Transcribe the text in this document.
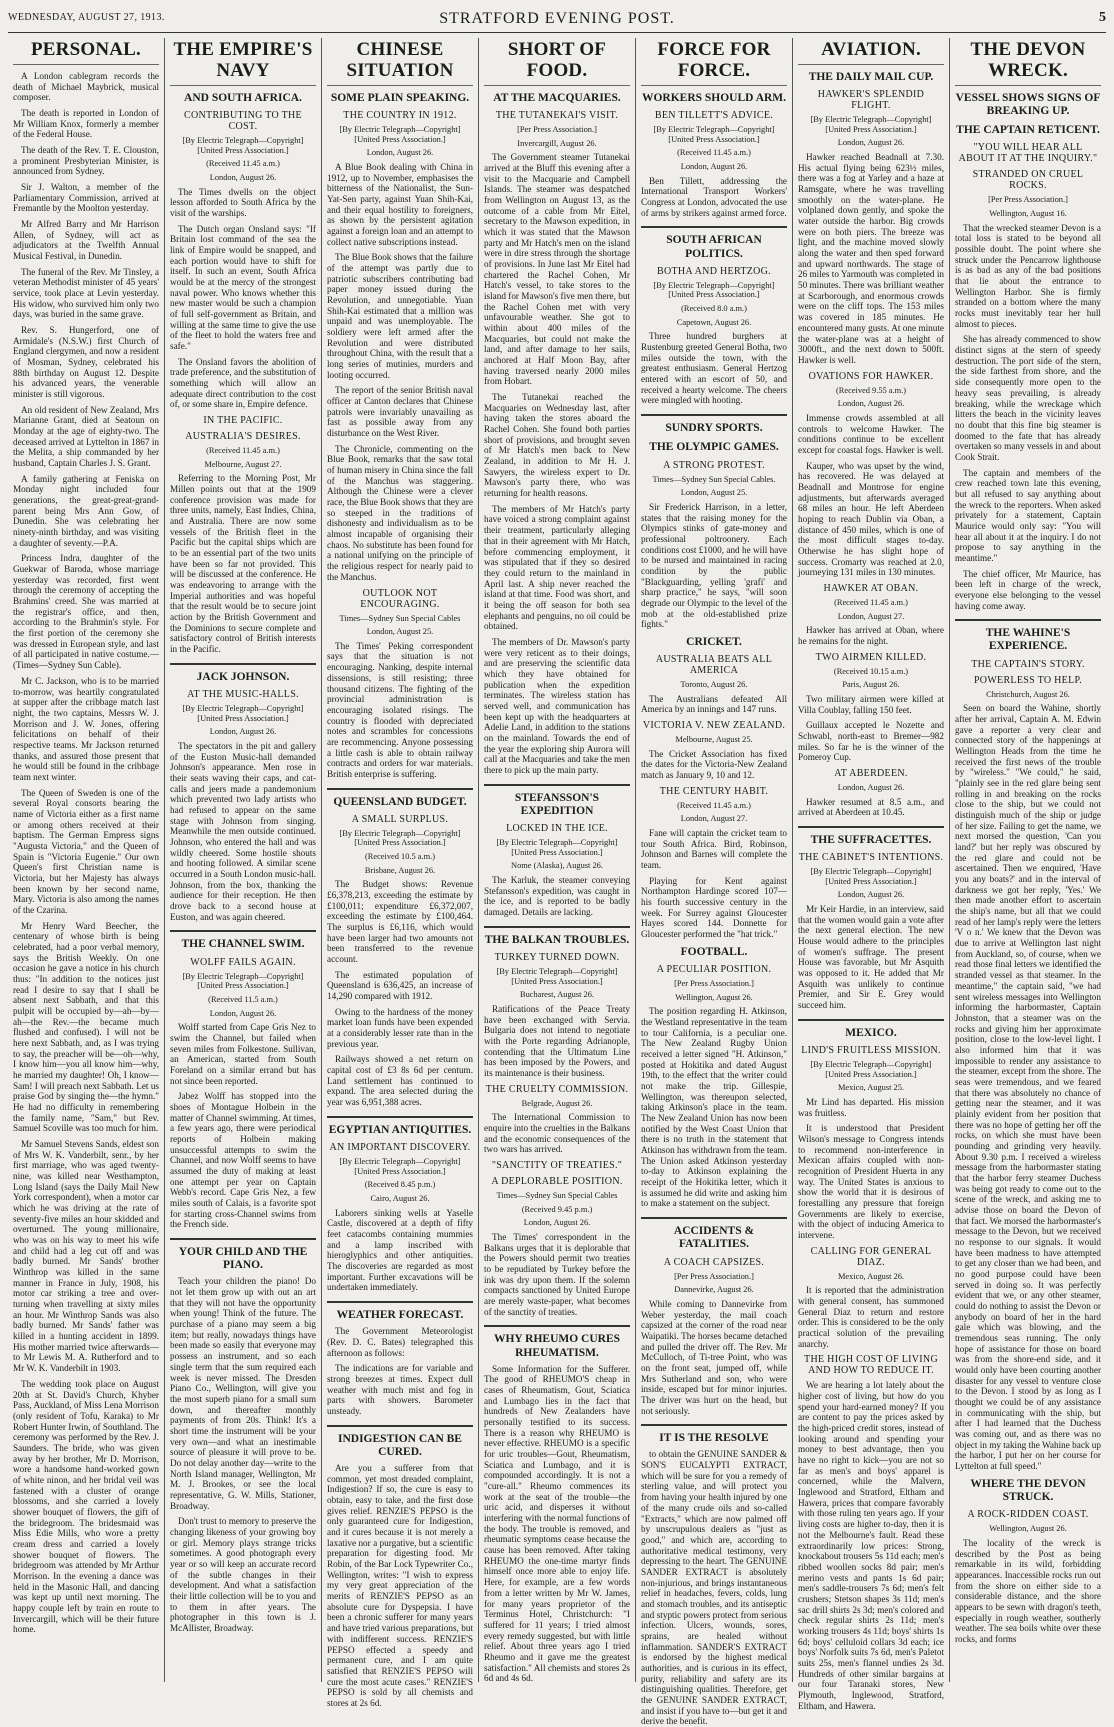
WEDNESDAY, AUGUST 27, 1913.	STRATFORD EVENING POST.	5
PERSONAL.

A London cablegram records the death of Michael Maybrick, musical composer.

The death is reported in London of Mr William Knox, formerly a member of the Federal House.

The death of the Rev. T. E. Clouston, a prominent Presbyterian Minister, is announced from Sydney.

Sir J. Walton, a member of the Parliamentary Commission, arrived at Fremantle by the Moolton yesterday.

Mr Alfred Barry and Mr Harrison Allen, of Sydney, will act as adjudicators at the Twelfth Annual Musical Festival, in Dunedin.

The funeral of the Rev. Mr Tinsley, a veteran Methodist minister of 45 years' service, took place at Levin yesterday. His widow, who survived him only two days, was buried in the same grave.

Rev. S. Hungerford, one of Armidale's (N.S.W.) first Church of England clergymen, and now a resident of Mosman, Sydney, celebrated his 88th birthday on August 12. Despite his advanced years, the venerable minister is still vigorous.

An old resident of New Zealand, Mrs Marianne Grant, died at Seatoun on Monday at the age of eighty-two. The deceased arrived at Lyttelton in 1867 in the Melita, a ship commanded by her husband, Captain Charles J. S. Grant.

A family gathering at Feniska on Monday night included four generations, the great-great-grand-parent being Mrs Ann Gow, of Dunedin. She was celebrating her ninety-ninth birthday, and was visiting a daughter of seventy.—P.A.

Princess Indra, daughter of the Guekwar of Baroda, whose marriage yesterday was recorded, first went through the ceremony of accepting the Brahmins' creed. She was married at the registrar's office, and then, according to the Brahmin's style. For the first portion of the ceremony she was dressed in European style, and last of all participated in native costume.—(Times—Sydney Sun Cable).

Mr C. Jackson, who is to be married to-morrow, was heartily congratulated at supper after the cribbage match last night, the two captains, Messrs W. J. Morrison and J. W. Jones, offering felicitations on behalf of their respective teams. Mr Jackson returned thanks, and assured those present that he would still be found in the cribbage team next winter.

The Queen of Sweden is one of the several Royal consorts bearing the name of Victoria either as a first name or among others received at their baptism. The German Empress signs "Augusta Victoria," and the Queen of Spain is "Victoria Eugenie." Our own Queen's first Christian name is Victoria, but her Majesty has always been known by her second name, Mary. Victoria is also among the names of the Czarina.

Mr Henry Ward Beecher, the centenary of whose birth is being celebrated, had a poor verbal memory, says the British Weekly. On one occasion he gave a notice in his church thus: "In addition to the notices just read I desire to say that I shall be absent next Sabbath, and that this pulpit will be occupied by—ah—by—ah—the Rev.—the became much flushed and confused). I will not be here next Sabbath, and, as I was trying to say, the preacher will be—oh—why, I know him—you all know him—why, he married my daughter! Oh, I know—Sam! I will preach next Sabbath. Let us praise God by singing the—the hymn." He had no difficulty in remembering the family name, "Sam," but Rev. Samuel Scoville was too much for him.

Mr Samuel Stevens Sands, eldest son of Mrs W. K. Vanderbilt, senr., by her first marriage, who was aged twenty-nine, was killed near Westhampton, Long Island (says the Daily Mail New York correspondent), when a motor car which he was driving at the rate of seventy-five miles an hour skidded and overturned. The young millionaire, who was on his way to meet his wife and child had a leg cut off and was badly burned. Mr Sands' brother Winthrop was killed in the same manner in France in July, 1908, his motor car striking a tree and over-turning when travelling at sixty miles an hour. Mr Winthrop Sands was also badly burned. Mr Sands' father was killed in a hunting accident in 1899. His mother married twice afterwards—to Mr Lewis M. A. Rutherford and to Mr W. K. Vanderbilt in 1903.

The wedding took place on August 20th at St. David's Church, Khyber Pass, Auckland, of Miss Lena Morrison (only resident of Tofu, Karaka) to Mr Robert Hunter Irwin, of Southland. The ceremony was performed by the Rev. J. Saunders. The bride, who was given away by her brother, Mr D. Morrison, wore a handsome hand-worked gown of white ninon, and her bridal veil was fastened with a cluster of orange blossoms, and she carried a lovely shower bouquet of flowers, the gift of the bridegroom. The bridesmaid was Miss Edie Mills, who wore a pretty cream dress and carried a lovely shower bouquet of flowers. The bridegroom was attended by Mr Arthur Morrison. In the evening a dance was held in the Masonic Hall, and dancing was kept up until next morning. The happy couple left by train en route to Invercargill, which will be their future home.

THE EMPIRE'S NAVY
AND SOUTH AFRICA.
CONTRIBUTING TO THE COST.
[By Electric Telegraph—Copyright] [United Press Association.]
(Received 11.45 a.m.)
London, August 26.

The Times dwells on the object lesson afforded to South Africa by the visit of the warships.

The Dutch organ Onsland says: "If Britain lost command of the sea the link of Empire would be snapped, and each portion would have to shift for itself. In such an event, South Africa would be at the mercy of the strongest naval power. Who knows whether this new master would be such a champion of full self-government as Britain, and willing at the same time to give the use of the fleet to hold the waters free and safe."

The Onsland favors the abolition of trade preference, and the substitution of something which will allow an adequate direct contribution to the cost of, or some share in, Empire defence.

IN THE PACIFIC.
AUSTRALIA'S DESIRES.
(Received 11.45 a.m.)
Melbourne, August 27.

Referring to the Morning Post, Mr Millen points out that at the 1909 conference provision was made for three units, namely, East Indies, China, and Australia. There are now some vessels of the British fleet in the Pacific but the capital ships which are to be an essential part of the two units have been so far not provided. This will be discussed at the conference. He was endeavoring to arrange with the Imperial authorities and was hopeful that the result would be to secure joint action by the British Government and the Dominions to secure complete and satisfactory control of British interests in the Pacific.

JACK JOHNSON.
AT THE MUSIC-HALLS.
[By Electric Telegraph—Copyright] [United Press Association.]
London, August 26.

The spectators in the pit and gallery of the Euston Music-hall demanded Johnson's appearance. Men rose in their seats waving their caps, and cat-calls and jeers made a pandemonium which prevented two lady artists who had refused to appear on the same stage with Johnson from singing. Meanwhile the men outside continued. Johnson, who entered the hall and was wildly cheered. Some hostile shouts and hooting followed. A similar scene occurred in a South London music-hall. Johnson, from the box, thanking the audience for their reception. He then drove back to a second house at Euston, and was again cheered.

THE CHANNEL SWIM.
WOLFF FAILS AGAIN.
[By Electric Telegraph—Copyright] [United Press Association.]
(Received 11.5 a.m.)
London, August 26.

Wolff started from Cape Gris Nez to swim the Channel, but failed when seven miles from Folkestone. Sullivan, an American, started from South Foreland on a similar errand but has not since been reported.

Jabez Wolff has stopped into the shoes of Montague Holbein in the matter of Channel swimming. At times, a few years ago, there were periodical reports of Holbein making unsuccessful attempts to swim the Channel, and now Wolff seems to have assumed the duty of making at least one attempt per year on Captain Webb's record. Cape Gris Nez, a few miles south of Calais, is a favorite spot for starting cross-Channel swims from the French side.

YOUR CHILD AND THE PIANO.

Teach your children the piano! Do not let them grow up with out an art that they will not have the opportunity when young! Think of the future. The purchase of a piano may seem a big item; but really, nowadays things have been made so easily that everyone may possess an instrument, and so each single term that the sum required each week is never missed. The Dresden Piano Co., Wellington, will give you the most superb piano for a small sum down, and thereafter monthly payments of from 20s. Think! It's a short time the instrument will be your very own—and what an inestimable source of pleasure it will prove to be. Do not delay another day—write to the North Island manager, Wellington, Mr M. J. Brookes, or see the local representative, G. W. Mills, Stationer, Broadway.

Don't trust to memory to preserve the changing likeness of your growing boy or girl. Memory plays strange tricks sometimes. A good photograph every year or so will keep an accurate record of the subtle changes in their development. And what a satisfaction their little collection will be to you and to them in after years. The photographer in this town is J. McAllister, Broadway.

CHINESE SITUATION
SOME PLAIN SPEAKING.
THE COUNTRY IN 1912.
[By Electric Telegraph—Copyright] [United Press Association.]
London, August 26.

A Blue Book dealing with China in 1912, up to November, emphasises the bitterness of the Nationalist, the Sun-Yat-Sen party, against Yuan Shih-Kai, and their equal hostility to foreigners, as shown by the persistent agitation against a foreign loan and an attempt to collect native subscriptions instead.

The Blue Book shows that the failure of the attempt was partly due to patriotic subscribers contributing bad paper money issued during the Revolution, and unnegotiable. Yuan Shih-Kai estimated that a million was unpaid and was unemployable. The soldiery were left armed after the Revolution and were distributed throughout China, with the result that a long series of mutinies, murders and looting occurred.

The report of the senior British naval officer at Canton declares that Chinese patrols were invariably unavailing as fast as possible away from any disturbance on the West River.

The Chronicle, commenting on the Blue Book, remarks that the saw total of human misery in China since the fall of the Manchus was staggering. Although the Chinese were a clever race, the Blue Book shows that they are so steeped in the traditions of dishonesty and individualism as to be almost incapable of organising their chaos. No substitute has been found for a national unifying on the principle of the religious respect for nearly paid to the Manchus.

OUTLOOK NOT ENCOURAGING.
Times—Sydney Sun Special Cables
London, August 25.

The Times' Peking correspondent says that the situation is not encouraging. Nanking, despite internal dissensions, is still resisting; three thousand citizens. The fighting of the provincial administration is encouraging isolated risings. The country is flooded with depreciated notes and scrambles for concessions are recommencing. Anyone possessing a little cash is able to obtain railway contracts and orders for war materials. British enterprise is suffering.

QUEENSLAND BUDGET.
A SMALL SURPLUS.
[By Electric Telegraph—Copyright] [United Press Association.]
(Received 10.5 a.m.)
Brisbane, August 26.

The Budget shows: Revenue £6,378,213, exceeding the estimate by £100,011; expenditure £6,372,007, exceeding the estimate by £100,464. The surplus is £6,116, which would have been larger had two amounts not been transferred to the revenue account.

The estimated population of Queensland is 636,425, an increase of 14,290 compared with 1912.

Owing to the hardness of the money market loan funds have been expended at a considerably lesser rate than in the previous year.

Railways showed a net return on capital cost of £3 8s 6d per centum. Land settlement has continued to expand. The area selected during the year was 6,951,388 acres.

EGYPTIAN ANTIQUITIES.
AN IMPORTANT DISCOVERY.
[By Electric Telegraph—Copyright] [United Press Association.]
(Received 8.45 p.m.)
Cairo, August 26.

Laborers sinking wells at Yaselle Castle, discovered at a depth of fifty feet catacombs containing mummies and a lamp inscribed with hieroglyphics and other antiquities. The discoveries are regarded as most important. Further excavations will be undertaken immediately.

WEATHER FORECAST.

The Government Meteorologist (Rev. D. C. Bates) telegraphed this afternoon as follows:

The indications are for variable and strong breezes at times. Expect dull weather with much mist and fog in parts with showers. Barometer unsteady.

INDIGESTION CAN BE CURED.

Are you a sufferer from that common, yet most dreaded complaint, Indigestion? If so, the cure is easy to obtain, easy to take, and the first dose gives relief. RENZIE'S PEPSO is the only guaranteed cure for Indigestion, and it cures because it is not merely a laxative nor a purgative, but a scientific preparation for digesting food. Mr Robin, of the Bar Lock Typewriter Co., Wellington, writes: "I wish to express my very great appreciation of the merits of RENZIE'S PEPSO as an absolute cure for Dyspepsia. I have been a chronic sufferer for many years and have tried various preparations, but with indifferent success. RENZIE'S PEPSO effected a speedy and permanent cure, and I am quite satisfied that RENZIE'S PEPSO will cure the most acute cases." RENZIE'S PEPSO is sold by all chemists and stores at 2s 6d.

SHORT OF FOOD.
AT THE MACQUARIES.
THE TUTANEKAI'S VISIT.
[Per Press Association.]
Invercargill, August 26.

The Government steamer Tutanekai arrived at the Bluff this evening after a visit to the Macquarie and Campbell Islands. The steamer was despatched from Wellington on August 13, as the outcome of a cable from Mr Eitel, secretary to the Mawson expedition, in which it was stated that the Mawson party and Mr Hatch's men on the island were in dire stress through the shortage of provisions. In June last Mr Eitel had chartered the Rachel Cohen, Mr Hatch's vessel, to take stores to the island for Mawson's five men there, but the Rachel Cohen met with very unfavourable weather. She got to within about 400 miles of the Macquaries, but could not make the land, and after damage to her sails, anchored at Half Moon Bay, after having traversed nearly 2000 miles from Hobart.

The Tutanekai reached the Macquaries on Wednesday last, after having taken the stores aboard the Rachel Cohen. She found both parties short of provisions, and brought seven of Mr Hatch's men back to New Zealand, in addition to Mr H. J. Sawyers, the wireless expert to Dr. Mawson's party there, who was returning for health reasons.

The members of Mr Hatch's party have voiced a strong complaint against their treatment, particularly alleging that in their agreement with Mr Hatch, before commencing employment, it was stipulated that if they so desired they could return to the mainland in April last. A ship never reached the island at that time. Food was short, and it being the off season for both sea elephants and penguins, no oil could be obtained.

The members of Dr. Mawson's party were very reticent as to their doings, and are preserving the scientific data which they have obtained for publication when the expedition terminates. The wireless station has served well, and communication has been kept up with the headquarters at Adelie Land, in addition to the stations on the mainland. Towards the end of the year the exploring ship Aurora will call at the Macquaries and take the men there to pick up the main party.

STEFANSSON'S EXPEDITION
LOCKED IN THE ICE.
[By Electric Telegraph—Copyright] [United Press Association.]
Nome (Alaska), August 26.

The Karluk, the steamer conveying Stefansson's expedition, was caught in the ice, and is reported to be badly damaged. Details are lacking.

THE BALKAN TROUBLES.
TURKEY TURNED DOWN.
[By Electric Telegraph—Copyright] [United Press Association.]
Bucharest, August 26.

Ratifications of the Peace Treaty have been exchanged with Servia. Bulgaria does not intend to negotiate with the Porte regarding Adrianople, contending that the Ultimatum Line has been imposed by the Powers, and its maintenance is their business.

THE CRUELTY COMMISSION.
Belgrade, August 26.

The International Commission to enquire into the cruelties in the Balkans and the economic consequences of the two wars has arrived.

"SANCTITY OF TREATIES."
A DEPLORABLE POSITION.
Times—Sydney Sun Special Cables
(Received 9.45 p.m.)
London, August 26.

The Times' correspondent in the Balkans urges that it is deplorable that the Powers should permit two treaties to be repudiated by Turkey before the ink was dry upon them. If the solemn compacts sanctioned by United Europe are merely waste-paper, what becomes of the sanctity of treaties.

WHY RHEUMO CURES RHEUMATISM.

Some Information for the Sufferer. The good of RHEUMO'S cheap in cases of Rheumatism, Gout, Sciatica and Lumbago lies in the fact that hundreds of New Zealanders have personally testified to its success. There is a reason why RHEUMO is never effective. RHEUMO is a specific for uric troubles—Gout, Rheumatism, Sciatica and Lumbago, and it is compounded accordingly. It is not a "cure-all." Rheumo commences its work at the seat of the trouble—the uric acid, and disperses it without interfering with the normal functions of the body. The trouble is removed, and rheumatic symptoms cease because the cause has been removed. After taking RHEUMO the one-time martyr finds himself once more able to enjoy life. Here, for example, are a few words from a letter written by Mr W. James, for many years proprietor of the Terminus Hotel, Christchurch: "I suffered for 11 years; I tried almost every remedy suggested, but with little relief. About three years ago I tried Rheumo and it gave me the greatest satisfaction." All chemists and stores 2s 6d and 4s 6d.

FORCE FOR FORCE.
WORKERS SHOULD ARM.
BEN TILLETT'S ADVICE.
[By Electric Telegraph—Copyright] [United Press Association.]
(Received 11.45 a.m.)
London, August 26.

Ben Tillett, addressing the International Transport Workers' Congress at London, advocated the use of arms by strikers against armed force.

SOUTH AFRICAN POLITICS.
BOTHA AND HERTZOG.
[By Electric Telegraph—Copyright] [United Press Association.]
(Received 8.0 a.m.)
Capetown, August 26.

Three hundred burghers at Rustenburg greeted General Botha, two miles outside the town, with the greatest enthusiasm. General Hertzog entered with an escort of 50, and received a hearty welcome. The cheers were mingled with hooting.

SUNDRY SPORTS.
THE OLYMPIC GAMES.
A STRONG PROTEST.
Times—Sydney Sun Special Cables.
London, August 25.

Sir Frederick Harrison, in a letter, states that the raising money for the Olympics stinks of gate-money and professional poltroonery. Each conditions cost £1000, and he will have to be nursed and maintained in racing condition by the public "Blackguarding, yelling 'grafi' and sharp practice," he says, "will soon degrade our Olympic to the level of the mob at the old-established prize fights."

CRICKET.
AUSTRALIA BEATS ALL AMERICA
Toronto, August 26.

The Australians defeated All America by an innings and 147 runs.

VICTORIA V. NEW ZEALAND.
Melbourne, August 25.

The Cricket Association has fixed the dates for the Victoria-New Zealand match as January 9, 10 and 12.

THE CENTURY HABIT.
(Received 11.45 a.m.)
London, August 27.

Fane will captain the cricket team to tour South Africa. Bird, Robinson, Johnson and Barnes will complete the team.

Playing for Kent against Northampton Hardinge scored 107—his fourth successive century in the week. For Surrey against Gloucester Hayes scored 144. Donnette for Gloucester performed the "hat trick."

FOOTBALL.
A PECULIAR POSITION.
[Per Press Association.]
Wellington, August 26.

The position regarding H. Atkinson, the Westland representative in the team to tour California, is a peculiar one. The New Zealand Rugby Union received a letter signed "H. Atkinson," posted at Hokitika and dated August 19th, to the effect that the writer could not make the trip. Gillespie, Wellington, was thereupon selected, taking Atkinson's place in the team. The New Zealand Union has now been notified by the West Coast Union that there is no truth in the statement that Atkinson has withdrawn from the team. The Union asked Atkinson yesterday to-day to Atkinson explaining the receipt of the Hokitika letter, which it is assumed he did write and asking him to make a statement on the subject.

ACCIDENTS & FATALITIES.
A COACH CAPSIZES.
[Per Press Association.]
Dannevirke, August 26.

While coming to Dannevirke from Weber yesterday, the mail coach capsized at the corner of the road near Waipatiki. The horses became detached and pulled the driver off. The Rev. Mr McCulloch, of Ti-tree Point, who was on the front seat, jumped off, while Mrs Sutherland and son, who were inside, escaped but for minor injuries. The driver was hurt on the head, but not seriously.

IT IS THE RESOLVE

to obtain the GENUINE SANDER & SON'S EUCALYPTI EXTRACT, which will be sure for you a remedy of sterling value, and will protect you from having your health injured by one of the many crude oils and so-called "Extracts," which are now palmed off by unscrupulous dealers as "just as good," and which are, according to authoritative medical testimony, very depressing to the heart. The GENUINE SANDER EXTRACT is absolutely non-injurious, and brings instantaneous relief in headaches, fevers, colds, lung and stomach troubles, and its antiseptic and styptic powers protect from serious infection. Ulcers, wounds, sores, sprains, are healed without inflammation. SANDER'S EXTRACT is endorsed by the highest medical authorities, and is curious in its effect, purity, reliability and safety are its distinguishing qualities. Therefore, get the GENUINE SANDER EXTRACT, and insist if you have to—but get it and derive the benefit.

AVIATION.
THE DAILY MAIL CUP.
HAWKER'S SPLENDID FLIGHT.
[By Electric Telegraph—Copyright] [United Press Association.]
London, August 26.

Hawker reached Beadnall at 7.30. His actual flying being 623½ miles, there was a fog at Yarley and a haze at Ramsgate, where he was travelling smoothly on the water-plane. He volplaned down gently, and spoke the water outside the harbor. Big crowds were on both piers. The breeze was light, and the machine moved slowly along the water and then sped forward and upward northwards. The stage of 26 miles to Yarmouth was completed in 50 minutes. There was brilliant weather at Scarborough, and enormous crowds were on the cliff tops. The 153 miles was covered in 185 minutes. He encountered many gusts. At one minute the water-plane was at a height of 3000ft., and the next down to 500ft. Hawker is well.

OVATIONS FOR HAWKER.
(Received 9.55 a.m.)
London, August 26.

Immense crowds assembled at all controls to welcome Hawker. The conditions continue to be excellent except for coastal fogs. Hawker is well.

Kauper, who was upset by the wind, has recovered. He was delayed at Beadnall and Montrose for engine adjustments, but afterwards averaged 68 miles an hour. He left Aberdeen hoping to reach Dublin via Oban, a distance of 450 miles, which is one of the most difficult stages to-day. Otherwise he has slight hope of success. Cromarty was reached at 2.0, journeying 131 miles in 130 minutes.

HAWKER AT OBAN.
(Received 11.45 a.m.)
London, August 27.

Hawker has arrived at Oban, where he remains for the night.

TWO AIRMEN KILLED.
(Received 10.15 a.m.)
Paris, August 26.

Two military airmen were killed at Villa Coublay, falling 150 feet.

Guillaux accepted le Nozette and Schwabl, north-east to Bremer—982 miles. So far he is the winner of the Pomeroy Cup.

AT ABERDEEN.
London, August 26.

Hawker resumed at 8.5 a.m., and arrived at Aberdeen at 10.45.

THE SUFFRACETTES.
THE CABINET'S INTENTIONS.
[By Electric Telegraph—Copyright] [United Press Association.]
London, August 26.

Mr Keir Hardie, in an interview, said that the women would gain a vote after the next general election. The new House would adhere to the principles of women's suffrage. The present House was favorable, but Mr Asquith was opposed to it. He added that Mr Asquith was unlikely to continue Premier, and Sir E. Grey would succeed him.

MEXICO.
LIND'S FRUITLESS MISSION.
[By Electric Telegraph—Copyright] [United Press Association.]
Mexico, August 25.

Mr Lind has departed. His mission was fruitless.

It is understood that President Wilson's message to Congress intends to recommend non-interference in Mexican affairs coupled with non-recognition of President Huerta in any way. The United States is anxious to show the world that it is desirous of forestalling any pressure that foreign Governments are likely to exercise, with the object of inducing America to intervene.

CALLING FOR GENERAL DIAZ.
Mexico, August 26.

It is reported that the administration with general consent, has summoned General Diaz to return and restore order. This is considered to be the only practical solution of the prevailing anarchy.

THE HIGH COST OF LIVING AND HOW TO REDUCE IT.

We are hearing a lot lately about the higher cost of living, but how do you spend your hard-earned money? If you are content to pay the prices asked by the high-priced credit stores, instead of looking around and spending your money to best advantage, then you have no right to kick—you are not so far as men's and boys' apparel is concerned, while the Malvern, Inglewood and Stratford, Eltham and Hawera, prices that compare favorably with those ruling ten years ago. If your living costs are higher to-day, then it is not the Melbourne's fault. Read these extraordinarily low prices: Strong, knockabout trousers 5s 11d each; men's ribbed woollen socks 8d pair; men's merino vests and pants 1s 6d pair; men's saddle-trousers 7s 6d; men's felt crushers; Stetson shapes 3s 11d; men's sac drill shirts 2s 3d; men's colored and check regular shirts 2s 11d; men's working trousers 4s 11d; boys' shirts 1s 6d; boys' celluloid collars 3d each; ice boys' Norfolk suits 7s 6d, men's Paletot suits 25s, men's flannel undies 2s 3d. Hundreds of other similar bargains at our four Taranaki stores, New Plymouth, Inglewood, Stratford, Eltham, and Hawera.

THE DEVON WRECK.
VESSEL SHOWS SIGNS OF BREAKING UP.
THE CAPTAIN RETICENT.
"YOU WILL HEAR ALL ABOUT IT AT THE INQUIRY."
STRANDED ON CRUEL ROCKS.
[Per Press Association.]
Wellington, August 16.

That the wrecked steamer Devon is a total loss is stated to be beyond all possible doubt. The point where she struck under the Pencarrow lighthouse is as bad as any of the bad positions that lie about the entrance to Wellington Harbor. She is firmly stranded on a bottom where the many rocks must inevitably tear her hull almost to pieces.

She has already commenced to show distinct signs at the stern of speedy destruction. The port side of the stern, the side farthest from shore, and the side consequently more open to the heavy seas prevailing, is already breaking, while the wreckage which litters the beach in the vicinity leaves no doubt that this fine big steamer is doomed to the fate that has already overtaken so many vessels in and about Cook Strait.

The captain and members of the crew reached town late this evening, but all refused to say anything about the wreck to the reporters. When asked privately for a statement, Captain Maurice would only say: "You will hear all about it at the inquiry. I do not propose to say anything in the meantime."

The chief officer, Mr Maurice, has been left in charge of the wreck, everyone else belonging to the vessel having come away.

THE WAHINE'S EXPERIENCE.
THE CAPTAIN'S STORY.
POWERLESS TO HELP.
Christchurch, August 26.

Seen on board the Wahine, shortly after her arrival, Captain A. M. Edwin gave a reporter a very clear and connected story of the happenings at Wellington Heads from the time he received the first news of the trouble by "wireless." "We could," he said, "plainly see in the red glare being sent rolling in and breaking on the rocks close to the ship, but we could not distinguish much of the ship or judge of her size. Failing to get the name, we next morsed the question, 'Can you land?' but her reply was obscured by the red glare and could not be ascertained. Then we enquired, 'Have you any boats?' and in the interval of darkness we got her reply, 'Yes.' We then made another effort to ascertain the ship's name, but all that we could read of her lamp's reply were the letters 'V o n.' We knew that the Devon was due to arrive at Wellington last night from Auckland, so, of course, when we read those final letters we identified the stranded vessel as that steamer. In the meantime," the captain said, "we had sent wireless messages into Wellington informing the harbormaster, Captain Johnston, that a steamer was on the rocks and giving him her approximate position, close to the low-level light. I also informed him that it was impossible to render any assistance to the steamer, except from the shore. The seas were tremendous, and we feared that there was absolutely no chance of getting near the steamer, and it was plainly evident from her position that there was no hope of getting her off the rocks, on which she must have been pounding and grinding very heavily. About 9.30 p.m. I received a wireless message from the harbormaster stating that the harbor ferry steamer Duchess was being got ready to come out to the scene of the wreck, and asking me to advise those on board the Devon of that fact. We morsed the harbormaster's message to the Devon, but we received no response to our signals. It would have been madness to have attempted to get any closer than we had been, and no good purpose could have been served in doing so. It was perfectly evident that we, or any other steamer, could do nothing to assist the Devon or anybody on board of her in the hard gale which was blowing, and the tremendous seas running. The only hope of assistance for those on board was from the shore-end side, and it would only have been courting another disaster for any vessel to venture close to the Devon. I stood by as long as I thought we could be of any assistance in communicating with the ship, but after I had learned that the Duchess was coming out, and as there was no object in my taking the Wahine back up the harbor, I put her on her course for Lyttelton at full speed."

WHERE THE DEVON STRUCK.
A ROCK-RIDDEN COAST.
Wellington, August 26.

The locality of the wreck is described by the Post as being remarkable in its wild, forbidding appearances. Inaccessible rocks run out from the shore on either side to a considerable distance, and the shore appears to be sewn with dragon's teeth, especially in rough weather, southerly weather. The sea boils white over these rocks, and forms
